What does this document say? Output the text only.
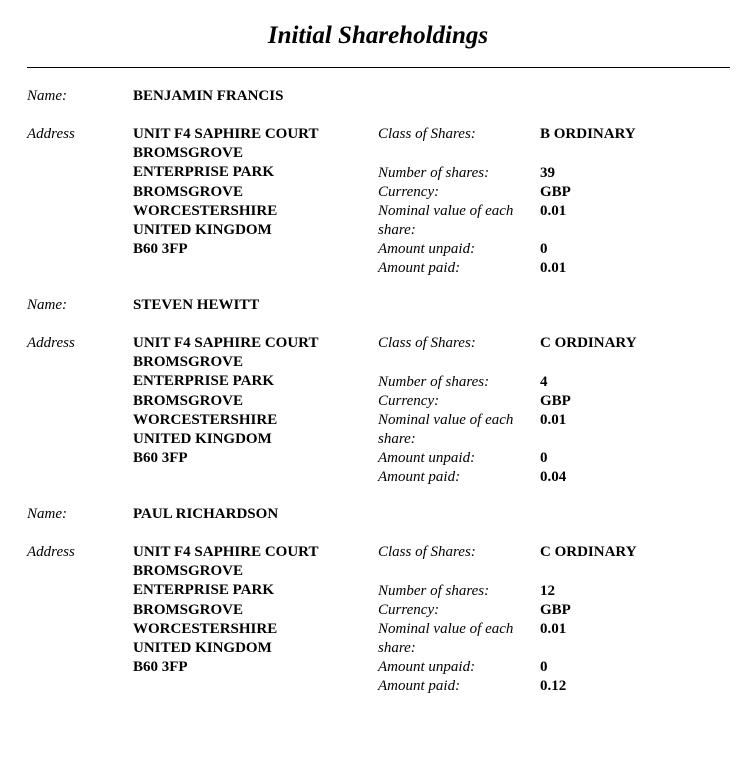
Initial Shareholdings
Name:	BENJAMIN FRANCIS
Address	UNIT F4 SAPHIRE COURT
BROMSGROVE
ENTERPRISE PARK
BROMSGROVE
WORCESTERSHIRE
UNITED KINGDOM
B60 3FP
Class of Shares:	B ORDINARY
Number of shares:	39
Currency:	GBP
Nominal value of each share:
0.01
Amount unpaid:	0
Amount paid:	0.01
Name:	STEVEN HEWITT
Address	UNIT F4 SAPHIRE COURT
BROMSGROVE
ENTERPRISE PARK
BROMSGROVE
WORCESTERSHIRE
UNITED KINGDOM
B60 3FP
Class of Shares:	C ORDINARY
Number of shares:	4
Currency:	GBP
Nominal value of each share:
0.01
Amount unpaid:	0
Amount paid:	0.04
Name:	PAUL RICHARDSON
Address	UNIT F4 SAPHIRE COURT
BROMSGROVE
ENTERPRISE PARK
BROMSGROVE
WORCESTERSHIRE
UNITED KINGDOM
B60 3FP
Class of Shares:	C ORDINARY
Number of shares:	12
Currency:	GBP
Nominal value of each share:
0.01
Amount unpaid:	0
Amount paid:	0.12
